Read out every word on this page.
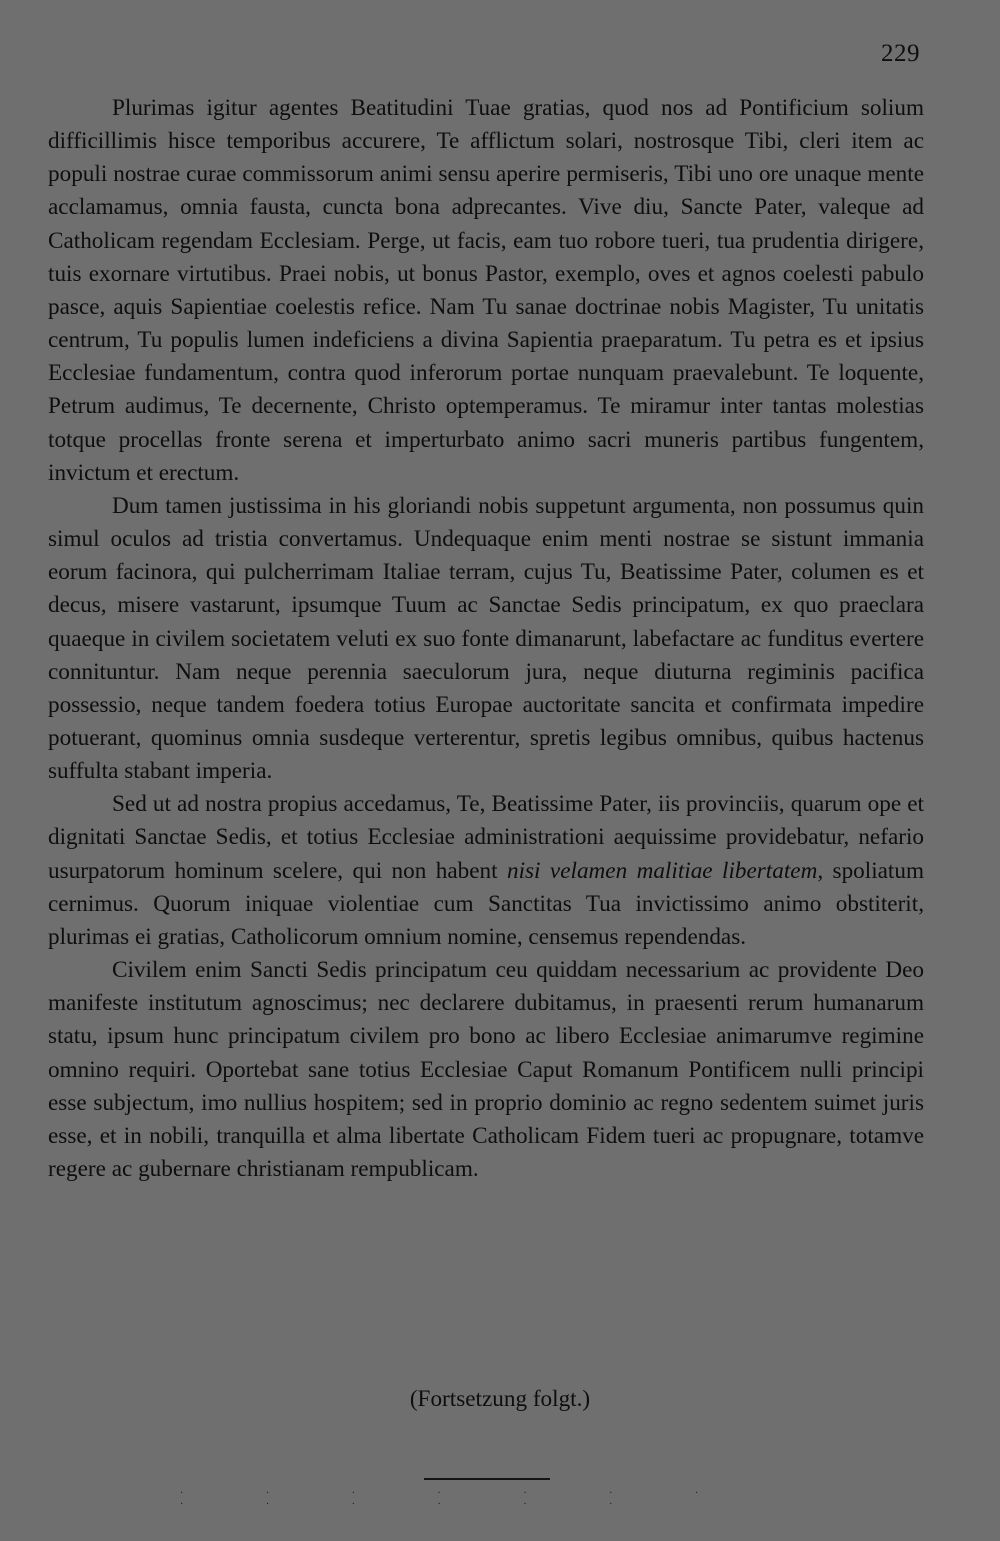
229

Plurimas igitur agentes Beatitudini Tuae gratias, quod nos ad Pontificium solium difficillimis hisce temporibus accurere, Te afflictum solari, nostrosque Tibi, cleri item ac populi nostrae curae commissorum animi sensu aperire permiseris, Tibi uno ore unaque mente acclamamus, omnia fausta, cuncta bona adprecantes. Vive diu, Sancte Pater, valeque ad Catholicam regendam Ecclesiam. Perge, ut facis, eam tuo robore tueri, tua prudentia dirigere, tuis exornare virtutibus. Praei nobis, ut bonus Pastor, exemplo, oves et agnos coelesti pabulo pasce, aquis Sapientiae coelestis refice. Nam Tu sanae doctrinae nobis Magister, Tu unitatis centrum, Tu populis lumen indeficiens a divina Sapientia praeparatum. Tu petra es et ipsius Ecclesiae fundamentum, contra quod inferorum portae nunquam praevalebunt. Te loquente, Petrum audimus, Te decernente, Christo optemperamus. Te miramur inter tantas molestias totque procellas fronte serena et imperturbato animo sacri muneris partibus fungentem, invictum et erectum.

Dum tamen justissima in his gloriandi nobis suppetunt argumenta, non possumus quin simul oculos ad tristia convertamus. Undequaque enim menti nostrae se sistunt immania eorum facinora, qui pulcherrimam Italiae terram, cujus Tu, Beatissime Pater, columen es et decus, misere vastarunt, ipsumque Tuum ac Sanctae Sedis principatum, ex quo praeclara quaeque in civilem societatem veluti ex suo fonte dimanarunt, labefactare ac funditus evertere connituntur. Nam neque perennia saeculorum jura, neque diuturna regiminis pacifica possessio, neque tandem foedera totius Europae auctoritate sancita et confirmata impedire potuerant, quominus omnia susdeque verterentur, spretis legibus omnibus, quibus hactenus suffulta stabant imperia.

Sed ut ad nostra propius accedamus, Te, Beatissime Pater, iis provinciis, quarum ope et dignitati Sanctae Sedis, et totius Ecclesiae administrationi aequissime providebatur, nefario usurpatorum hominum scelere, qui non habent nisi velamen malitiae libertatem, spoliatum cernimus. Quorum iniquae violentiae cum Sanctitas Tua invictissimo animo obstiterit, plurimas ei gratias, Catholicorum omnium nomine, censemus rependendas.

Civilem enim Sancti Sedis principatum ceu quiddam necessarium ac providente Deo manifeste institutum agnoscimus; nec declarere dubitamus, in praesenti rerum humanarum statu, ipsum hunc principatum civilem pro bono ac libero Ecclesiae animarumve regimine omnino requiri. Oportebat sane totius Ecclesiae Caput Romanum Pontificem nulli principi esse subjectum, imo nullius hospitem; sed in proprio dominio ac regno sedentem suimet juris esse, et in nobili, tranquilla et alma libertate Catholicam Fidem tueri ac propugnare, totamve regere ac gubernare christianam rempublicam.

(Fortsetzung folgt.)
· · · · · · · · · · · · ·
